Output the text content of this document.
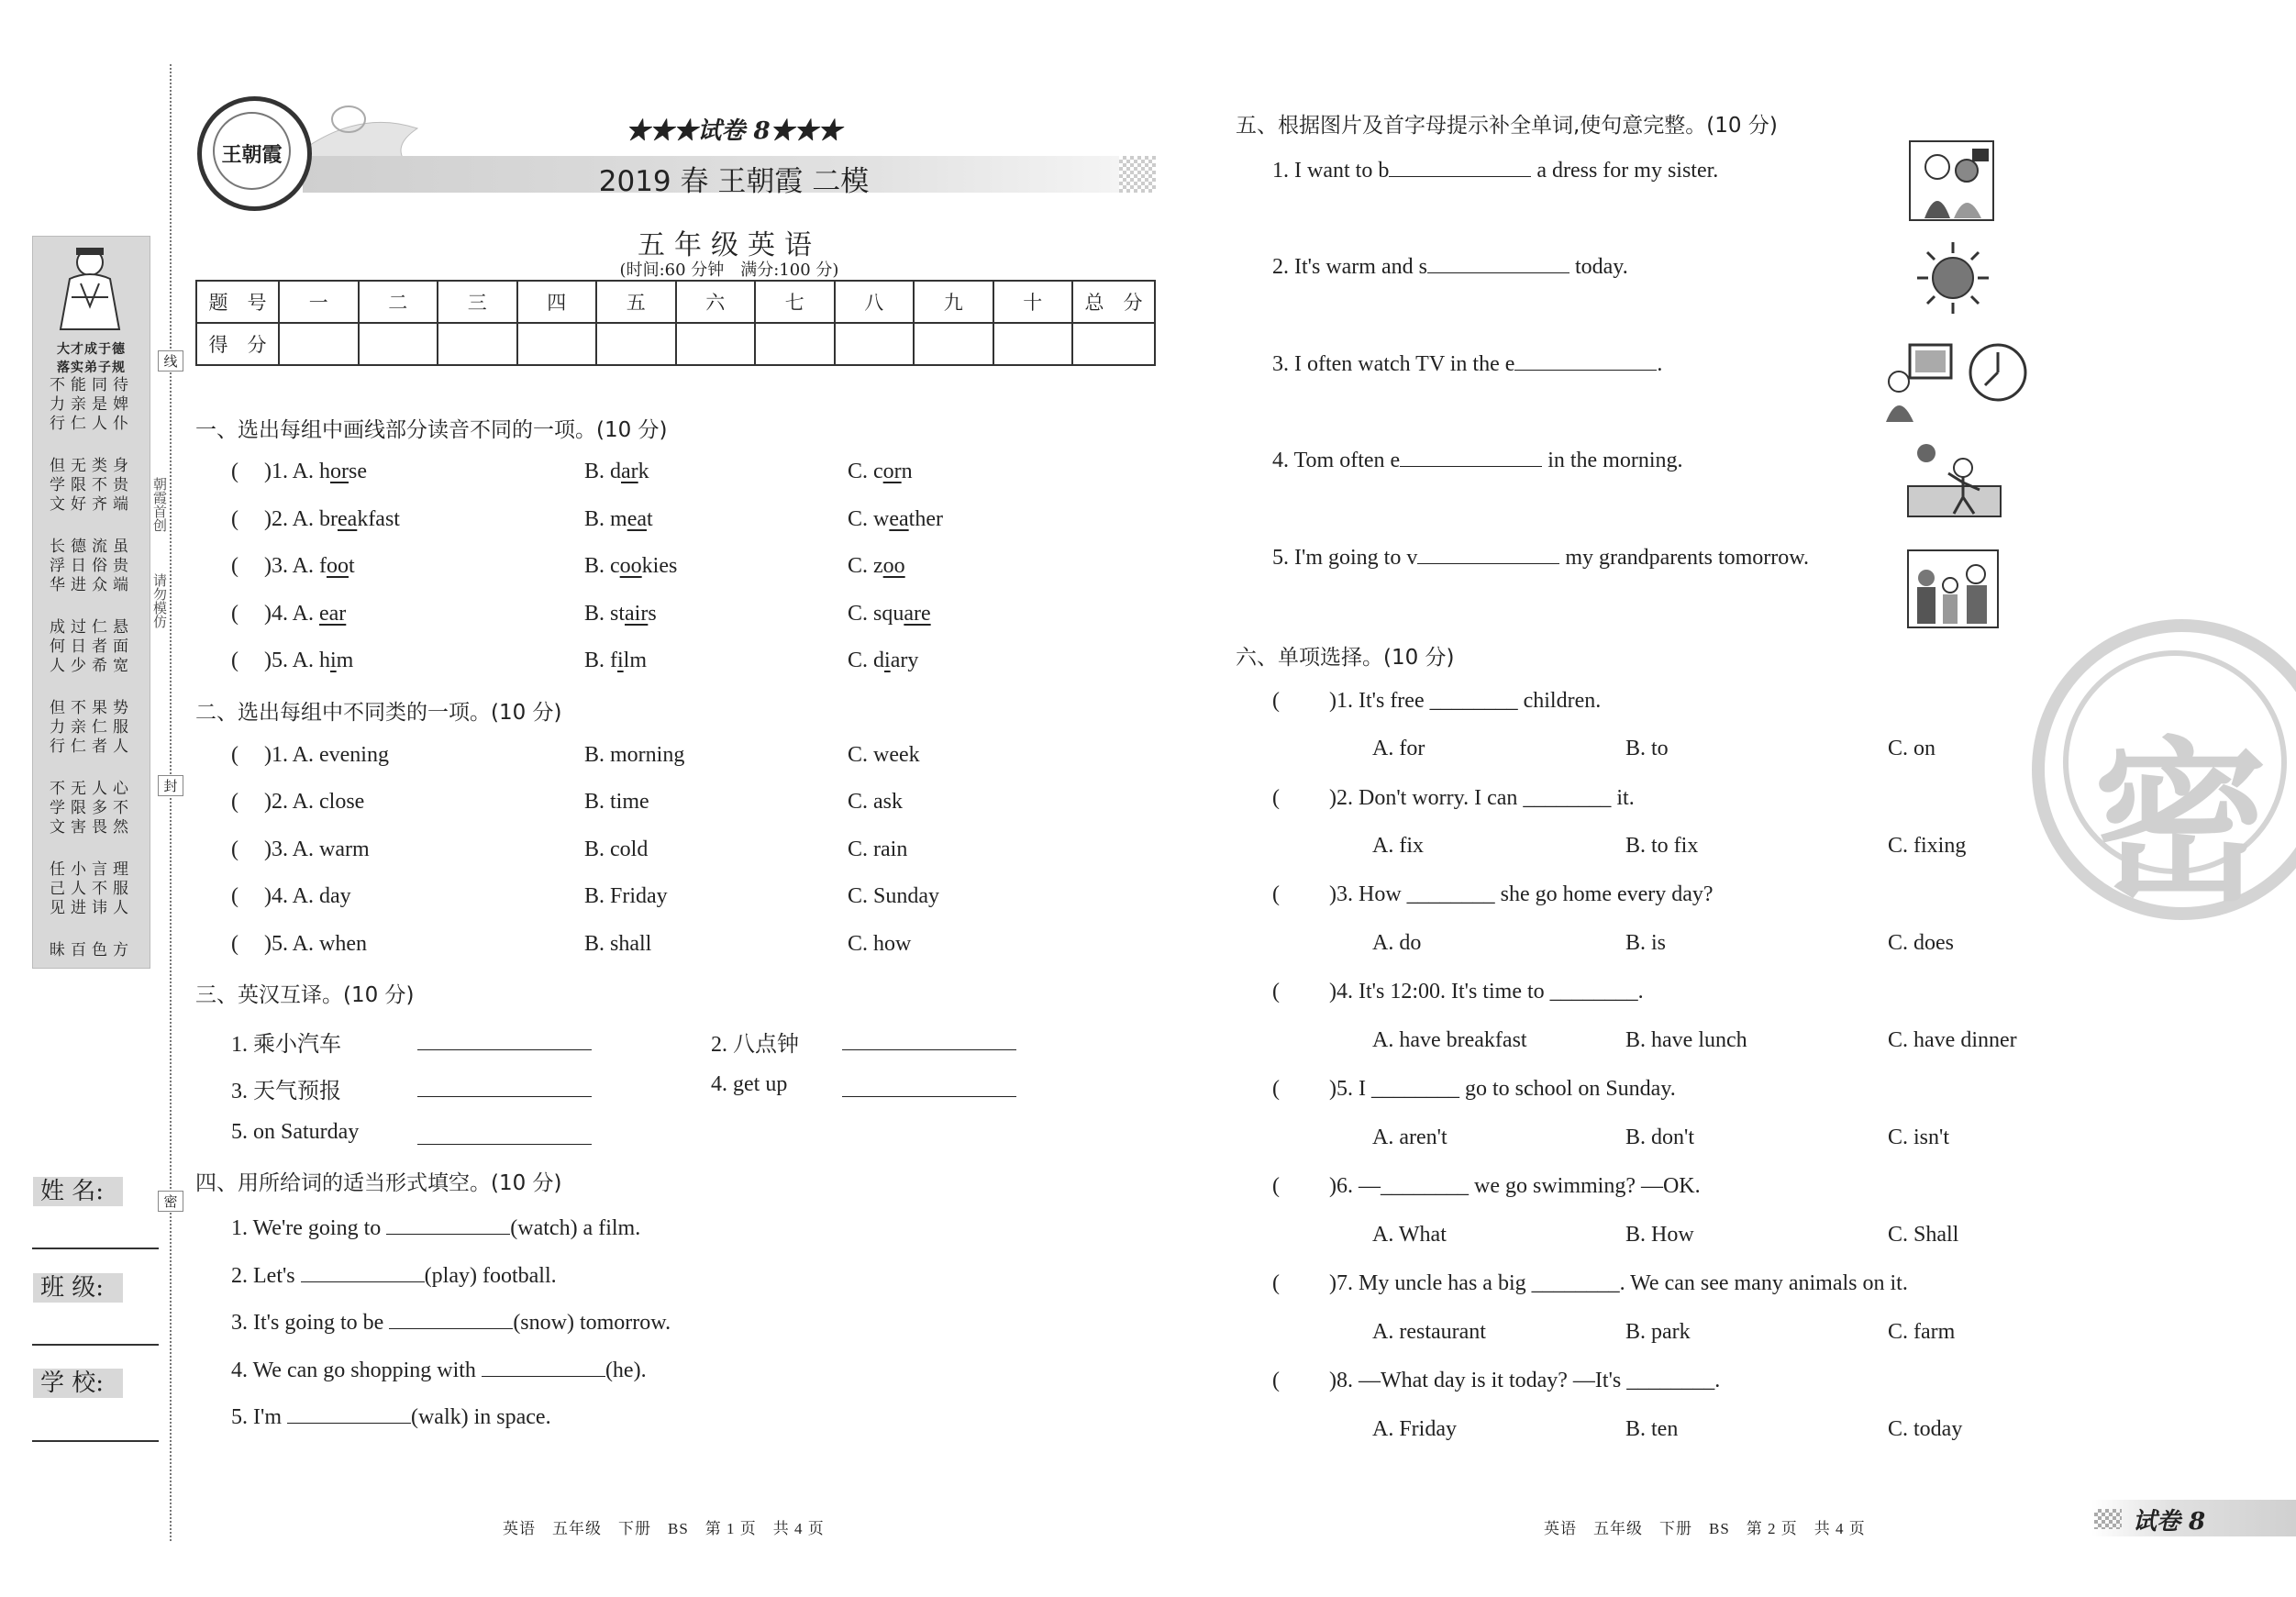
大才成于德
落实弟子规
不能同待
力亲是婢
行仁人仆
但无类身
学限不贵
文好齐端
长德流虽
浮日俗贵
华进众端
成过仁悬
何日者面
人少希宽
但不果势
力亲仁服
行仁者人
不无人心
学限多不
文害畏然
任小言理
己人不服
见进讳人
昧百色方
线
封
密
朝霞首创
请勿模仿
姓 名:
班 级:
学 校:
王朝霞
★★★试卷 8★★★
2019 春 王朝霞 二模
五年级英语
(时间:60 分钟　满分:100 分)
题　号	一	二	三	四	五	六	七	八	九	十	总　分
得　分											
一、选出每组中画线部分读音不同的一项。(10 分)
( )1. A. horse	B. dark	C. corn
( )2. A. breakfast	B. meat	C. weather
( )3. A. foot	B. cookies	C. zoo
( )4. A. ear	B. stairs	C. square
( )5. A. him	B. film	C. diary
二、选出每组中不同类的一项。(10 分)
( )1. A. evening	B. morning	C. week
( )2. A. close	B. time	C. ask
( )3. A. warm	B. cold	C. rain
( )4. A. day	B. Friday	C. Sunday
( )5. A. when	B. shall	C. how
三、英汉互译。(10 分)
1. 乘小汽车	2. 八点钟
3. 天气预报	4. get up
5. on Saturday
四、用所给词的适当形式填空。(10 分)
1. We're going to	(watch) a film.
2. Let's	(play) football.
3. It's going to be	(snow) tomorrow.
4. We can go shopping with	(he).
5. I'm	(walk) in space.
英语　五年级　下册　BS　第 1 页　共 4 页
五、根据图片及首字母提示补全单词,使句意完整。(10 分)
1. I want to b	a dress for my sister.
2. It's warm and s	today.
3. I often watch TV in the e	.
4. Tom often e	in the morning.
5. I'm going to v	my grandparents tomorrow.
六、单项选择。(10 分)
( )1. It's free ________ children.
A. for	B. to	C. on
( )2. Don't worry. I can ________ it.
A. fix	B. to fix	C. fixing
( )3. How ________ she go home every day?
A. do	B. is	C. does
( )4. It's 12:00. It's time to ________.
A. have breakfast	B. have lunch	C. have dinner
( )5. I ________ go to school on Sunday.
A. aren't	B. don't	C. isn't
( )6. —________ we go swimming? —OK.
A. What	B. How	C. Shall
( )7. My uncle has a big ________. We can see many animals on it.
A. restaurant	B. park	C. farm
( )8. —What day is it today? —It's ________.
A. Friday	B. ten	C. today
密
英语　五年级　下册　BS　第 2 页　共 4 页	试卷 8
